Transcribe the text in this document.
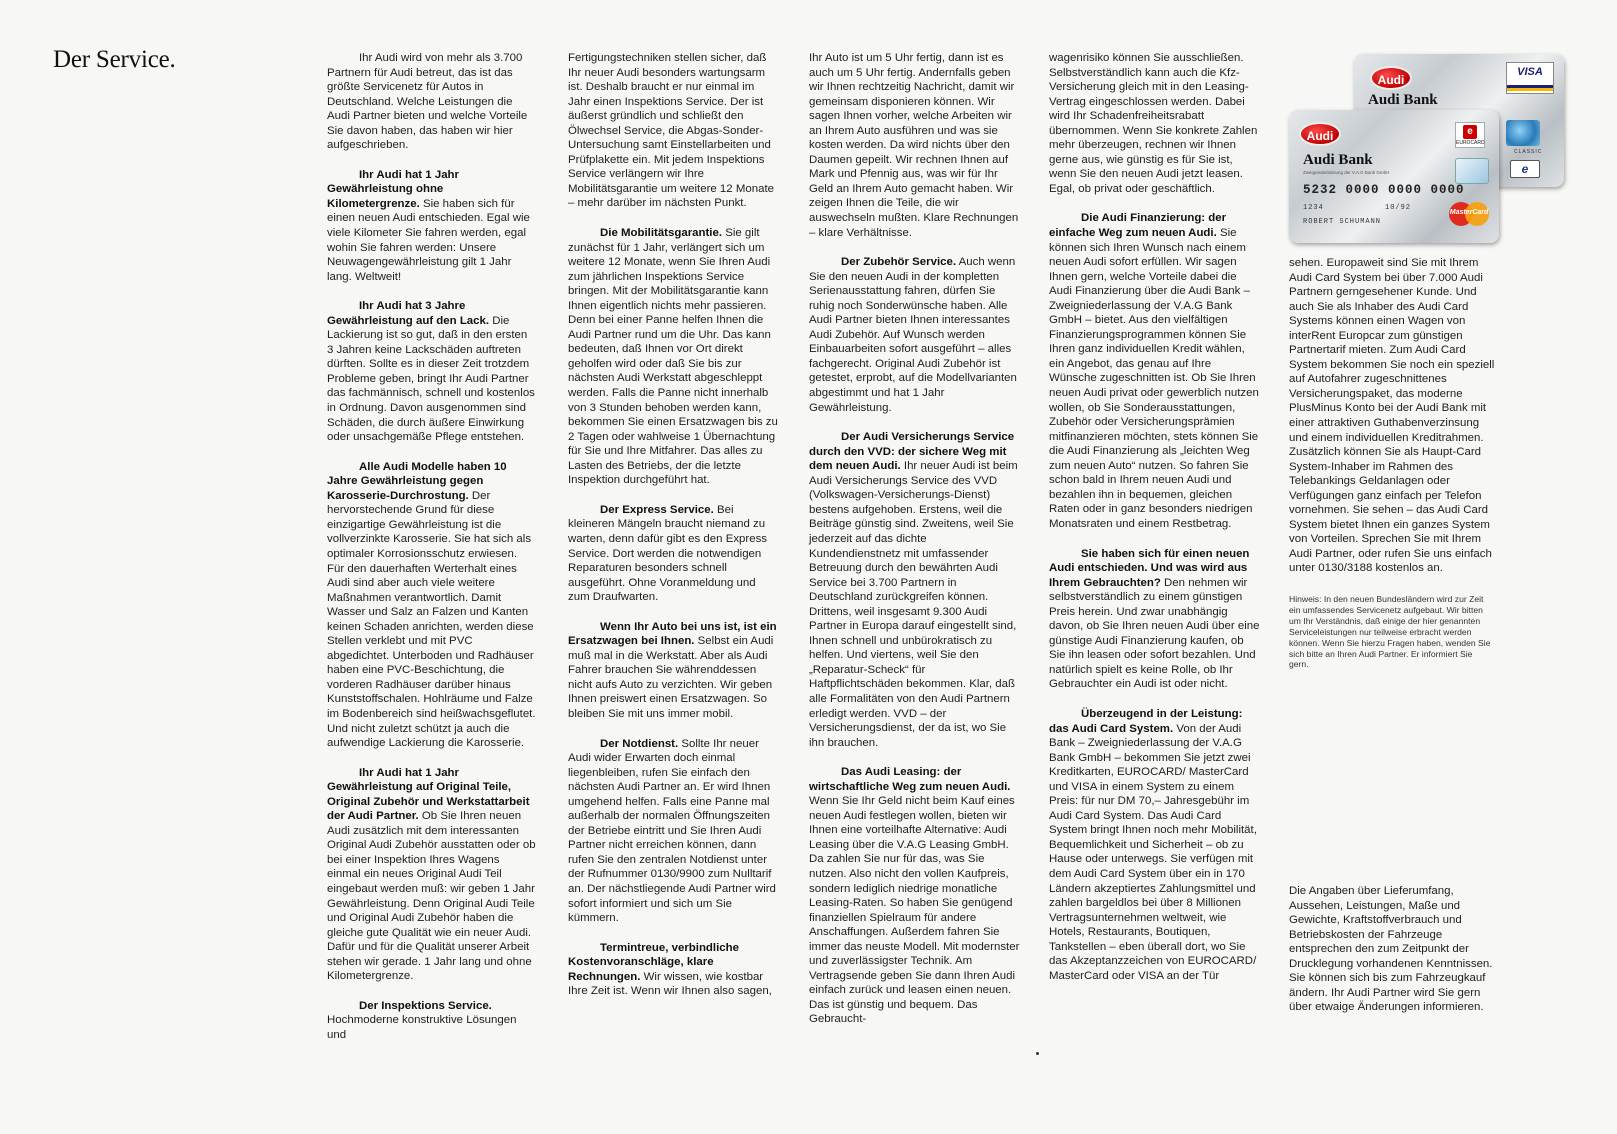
Der Service.	Ihr Audi wird von mehr als 3.700 Partnern für Audi betreut, das ist das größte Servicenetz für Autos in Deutschland. Welche Leistungen die Audi Partner bieten und welche Vorteile Sie davon haben, das haben wir hier aufgeschrieben.

Ihr Audi hat 1 Jahr Gewährleistung ohne Kilometergrenze. Sie haben sich für einen neuen Audi entschieden. Egal wie viele Kilometer Sie fahren werden, egal wohin Sie fahren werden: Unsere Neuwagengewährleistung gilt 1 Jahr lang. Weltweit!

Ihr Audi hat 3 Jahre Gewährleistung auf den Lack. Die Lackierung ist so gut, daß in den ersten 3 Jahren keine Lackschäden auftreten dürften. Sollte es in dieser Zeit trotzdem Probleme geben, bringt Ihr Audi Partner das fachmännisch, schnell und kostenlos in Ordnung. Davon ausgenommen sind Schäden, die durch äußere Einwirkung oder unsachgemäße Pflege entstehen.

Alle Audi Modelle haben 10 Jahre Gewährleistung gegen Karosserie-Durchrostung. Der hervorstechende Grund für diese einzigartige Gewährleistung ist die vollverzinkte Karosserie. Sie hat sich als optimaler Korrosionsschutz erwiesen. Für den dauerhaften Werterhalt eines Audi sind aber auch viele weitere Maßnahmen verantwortlich. Damit Wasser und Salz an Falzen und Kanten keinen Schaden anrichten, werden diese Stellen verklebt und mit PVC abgedichtet. Unterboden und Radhäuser haben eine PVC-Beschichtung, die vorderen Radhäuser darüber hinaus Kunststoffschalen. Hohlräume und Falze im Bodenbereich sind heißwachsgeflutet. Und nicht zuletzt schützt ja auch die aufwendige Lackierung die Karosserie.

Ihr Audi hat 1 Jahr Gewährleistung auf Original Teile, Original Zubehör und Werkstattarbeit der Audi Partner. Ob Sie Ihren neuen Audi zusätzlich mit dem interessanten Original Audi Zubehör ausstatten oder ob bei einer Inspektion Ihres Wagens einmal ein neues Original Audi Teil eingebaut werden muß: wir geben 1 Jahr Gewährleistung. Denn Original Audi Teile und Original Audi Zubehör haben die gleiche gute Qualität wie ein neuer Audi. Dafür und für die Qualität unserer Arbeit stehen wir gerade. 1 Jahr lang und ohne Kilometergrenze.

Der Inspektions Service. Hochmoderne konstruktive Lösungen und

Fertigungstechniken stellen sicher, daß Ihr neuer Audi besonders wartungsarm ist. Deshalb braucht er nur einmal im Jahr einen Inspektions Service. Der ist äußerst gründlich und schließt den Ölwechsel Service, die Abgas-Sonder-Untersuchung samt Einstellarbeiten und Prüfplakette ein. Mit jedem Inspektions Service verlängern wir Ihre Mobilitätsgarantie um weitere 12 Monate – mehr darüber im nächsten Punkt.

Die Mobilitätsgarantie. Sie gilt zunächst für 1 Jahr, verlängert sich um weitere 12 Monate, wenn Sie Ihren Audi zum jährlichen Inspektions Service bringen. Mit der Mobilitätsgarantie kann Ihnen eigentlich nichts mehr passieren. Denn bei einer Panne helfen Ihnen die Audi Partner rund um die Uhr. Das kann bedeuten, daß Ihnen vor Ort direkt geholfen wird oder daß Sie bis zur nächsten Audi Werkstatt abgeschleppt werden. Falls die Panne nicht innerhalb von 3 Stunden behoben werden kann, bekommen Sie einen Ersatzwagen bis zu 2 Tagen oder wahlweise 1 Übernachtung für Sie und Ihre Mitfahrer. Das alles zu Lasten des Betriebs, der die letzte Inspektion durchgeführt hat.

Der Express Service. Bei kleineren Mängeln braucht niemand zu warten, denn dafür gibt es den Express Service. Dort werden die notwendigen Reparaturen besonders schnell ausgeführt. Ohne Voranmeldung und zum Draufwarten.

Wenn Ihr Auto bei uns ist, ist ein Ersatzwagen bei Ihnen. Selbst ein Audi muß mal in die Werkstatt. Aber als Audi Fahrer brauchen Sie währenddessen nicht aufs Auto zu verzichten. Wir geben Ihnen preiswert einen Ersatzwagen. So bleiben Sie mit uns immer mobil.

Der Notdienst. Sollte Ihr neuer Audi wider Erwarten doch einmal liegenbleiben, rufen Sie einfach den nächsten Audi Partner an. Er wird Ihnen umgehend helfen. Falls eine Panne mal außerhalb der normalen Öffnungszeiten der Betriebe eintritt und Sie Ihren Audi Partner nicht erreichen können, dann rufen Sie den zentralen Notdienst unter der Rufnummer 0130/9900 zum Nulltarif an. Der nächstliegende Audi Partner wird sofort informiert und sich um Sie kümmern.

Termintreue, verbindliche Kostenvoranschläge, klare Rechnungen. Wir wissen, wie kostbar Ihre Zeit ist. Wenn wir Ihnen also sagen,

Ihr Auto ist um 5 Uhr fertig, dann ist es auch um 5 Uhr fertig. Andernfalls geben wir Ihnen rechtzeitig Nachricht, damit wir gemeinsam disponieren können. Wir sagen Ihnen vorher, welche Arbeiten wir an Ihrem Auto ausführen und was sie kosten werden. Da wird nichts über den Daumen gepeilt. Wir rechnen Ihnen auf Mark und Pfennig aus, was wir für Ihr Geld an Ihrem Auto gemacht haben. Wir zeigen Ihnen die Teile, die wir auswechseln mußten. Klare Rechnungen – klare Verhältnisse.

Der Zubehör Service. Auch wenn Sie den neuen Audi in der kompletten Serienausstattung fahren, dürfen Sie ruhig noch Sonderwünsche haben. Alle Audi Partner bieten Ihnen interessantes Audi Zubehör. Auf Wunsch werden Einbauarbeiten sofort ausgeführt – alles fachgerecht. Original Audi Zubehör ist getestet, erprobt, auf die Modellvarianten abgestimmt und hat 1 Jahr Gewährleistung.

Der Audi Versicherungs Service durch den VVD: der sichere Weg mit dem neuen Audi. Ihr neuer Audi ist beim Audi Versicherungs Service des VVD (Volkswagen-Versicherungs-Dienst) bestens aufgehoben. Erstens, weil die Beiträge günstig sind. Zweitens, weil Sie jederzeit auf das dichte Kundendienstnetz mit umfassender Betreuung durch den bewährten Audi Service bei 3.700 Partnern in Deutschland zurückgreifen können. Drittens, weil insgesamt 9.300 Audi Partner in Europa darauf eingestellt sind, Ihnen schnell und unbürokratisch zu helfen. Und viertens, weil Sie den „Reparatur-Scheck“ für Haftpflichtschäden bekommen. Klar, daß alle Formalitäten von den Audi Partnern erledigt werden. VVD – der Versicherungsdienst, der da ist, wo Sie ihn brauchen.

Das Audi Leasing: der wirtschaftliche Weg zum neuen Audi. Wenn Sie Ihr Geld nicht beim Kauf eines neuen Audi festlegen wollen, bieten wir Ihnen eine vorteilhafte Alternative: Audi Leasing über die V.A.G Leasing GmbH. Da zahlen Sie nur für das, was Sie nutzen. Also nicht den vollen Kaufpreis, sondern lediglich niedrige monatliche Leasing-Raten. So haben Sie genügend finanziellen Spielraum für andere Anschaffungen. Außerdem fahren Sie immer das neuste Modell. Mit modernster und zuverlässigster Technik. Am Vertragsende geben Sie dann Ihren Audi einfach zurück und leasen einen neuen. Das ist günstig und bequem. Das Gebraucht-

wagenrisiko können Sie ausschließen. Selbstverständlich kann auch die Kfz-Versicherung gleich mit in den Leasing-Vertrag eingeschlossen werden. Dabei wird Ihr Schadenfreiheitsrabatt übernommen. Wenn Sie konkrete Zahlen mehr überzeugen, rechnen wir Ihnen gerne aus, wie günstig es für Sie ist, wenn Sie den neuen Audi jetzt leasen. Egal, ob privat oder geschäftlich.

Die Audi Finanzierung: der einfache Weg zum neuen Audi. Sie können sich Ihren Wunsch nach einem neuen Audi sofort erfüllen. Wir sagen Ihnen gern, welche Vorteile dabei die Audi Finanzierung über die Audi Bank – Zweigniederlassung der V.A.G Bank GmbH – bietet. Aus den vielfältigen Finanzierungsprogrammen können Sie Ihren ganz individuellen Kredit wählen, ein Angebot, das genau auf Ihre Wünsche zugeschnitten ist. Ob Sie Ihren neuen Audi privat oder gewerblich nutzen wollen, ob Sie Sonderausstattungen, Zubehör oder Versicherungsprämien mitfinanzieren möchten, stets können Sie die Audi Finanzierung als „leichten Weg zum neuen Auto“ nutzen. So fahren Sie schon bald in Ihrem neuen Audi und bezahlen ihn in bequemen, gleichen Raten oder in ganz besonders niedrigen Monatsraten und einem Restbetrag.

Sie haben sich für einen neuen Audi entschieden. Und was wird aus Ihrem Gebrauchten? Den nehmen wir selbstverständlich zu einem günstigen Preis herein. Und zwar unabhängig davon, ob Sie Ihren neuen Audi über eine günstige Audi Finanzierung kaufen, ob Sie ihn leasen oder sofort bezahlen. Und natürlich spielt es keine Rolle, ob Ihr Gebrauchter ein Audi ist oder nicht.

Überzeugend in der Leistung: das Audi Card System. Von der Audi Bank – Zweigniederlassung der V.A.G Bank GmbH – bekommen Sie jetzt zwei Kreditkarten, EUROCARD/ MasterCard und VISA in einem System zu einem Preis: für nur DM 70,– Jahresgebühr im Audi Card System. Das Audi Card System bringt Ihnen noch mehr Mobilität, Bequemlichkeit und Sicherheit – ob zu Hause oder unterwegs. Sie verfügen mit dem Audi Card System über ein in 170 Ländern akzeptiertes Zahlungsmittel und zahlen bargeldlos bei über 8 Millionen Vertragsunternehmen weltweit, wie Hotels, Restaurants, Boutiquen, Tankstellen – eben überall dort, wo Sie das Akzeptanzzeichen von EUROCARD/ MasterCard oder VISA an der Tür

Audi
Audi Bank
VISA
CLASSIC
e
Audi
Audi Bank
Zweigniederlassung der V.A.G Bank GmbH
e
EUROCARD
5232 0000 0000 0000
1234	10/92
ROBERT SCHUMANN
MasterCard

sehen. Europaweit sind Sie mit Ihrem Audi Card System bei über 7.000 Audi Partnern gerngesehener Kunde. Und auch Sie als Inhaber des Audi Card Systems können einen Wagen von interRent Europcar zum günstigen Partnertarif mieten. Zum Audi Card System bekommen Sie noch ein speziell auf Autofahrer zugeschnittenes Versicherungspaket, das moderne PlusMinus Konto bei der Audi Bank mit einer attraktiven Guthabenverzinsung und einem individuellen Kreditrahmen. Zusätzlich können Sie als Haupt-Card System-Inhaber im Rahmen des Telebankings Geldanlagen oder Verfügungen ganz einfach per Telefon vornehmen. Sie sehen – das Audi Card System bietet Ihnen ein ganzes System von Vorteilen. Sprechen Sie mit Ihrem Audi Partner, oder rufen Sie uns einfach unter 0130/3188 kostenlos an.

Hinweis: In den neuen Bundesländern wird zur Zeit ein umfassendes Servicenetz aufgebaut. Wir bitten um Ihr Verständnis, daß einige der hier genannten Serviceleistungen nur teilweise erbracht werden können. Wenn Sie hierzu Fragen haben, wenden Sie sich bitte an Ihren Audi Partner. Er informiert Sie gern.
Die Angaben über Lieferumfang, Aussehen, Leistungen, Maße und Gewichte, Kraftstoffverbrauch und Betriebskosten der Fahrzeuge entsprechen den zum Zeitpunkt der Drucklegung vorhandenen Kenntnissen. Sie können sich bis zum Fahrzeugkauf ändern. Ihr Audi Partner wird Sie gern über etwaige Änderungen informieren.
